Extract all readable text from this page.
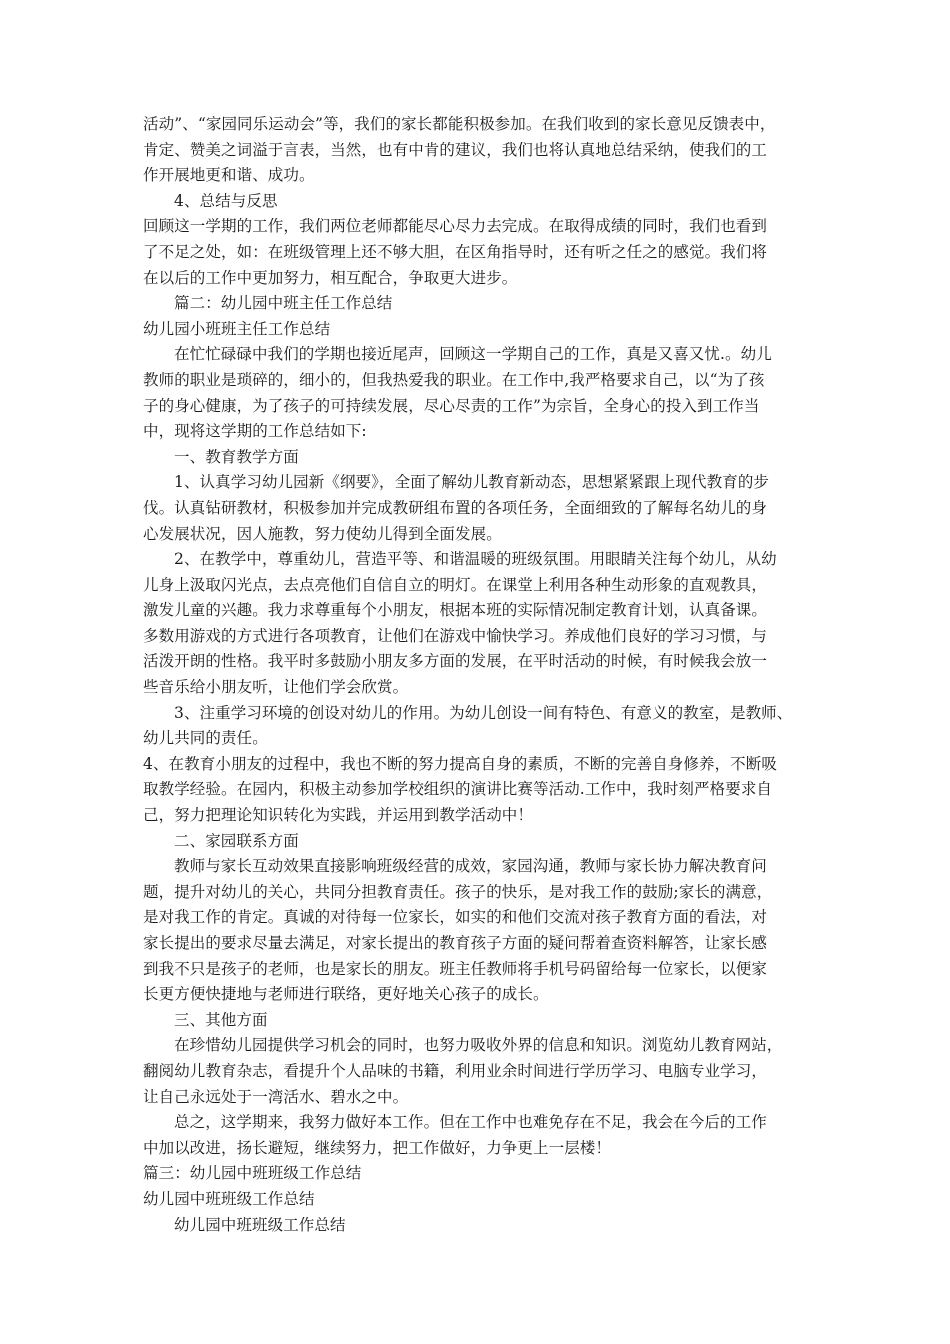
活动”、“家园同乐运动会”等，我们的家长都能积极参加。在我们收到的家长意见反馈表中，
肯定、赞美之词溢于言表，当然，也有中肯的建议，我们也将认真地总结采纳，使我们的工
作开展地更和谐、成功。
4、总结与反思
回顾这一学期的工作，我们两位老师都能尽心尽力去完成。在取得成绩的同时，我们也看到
了不足之处，如：在班级管理上还不够大胆，在区角指导时，还有听之任之的感觉。我们将
在以后的工作中更加努力，相互配合，争取更大进步。
篇二：幼儿园中班主任工作总结
幼儿园小班班主任工作总结
在忙忙碌碌中我们的学期也接近尾声，回顾这一学期自己的工作，真是又喜又忧.。幼儿
教师的职业是琐碎的，细小的，但我热爱我的职业。在工作中,我严格要求自己，以“为了孩
子的身心健康，为了孩子的可持续发展，尽心尽责的工作”为宗旨，全身心的投入到工作当
中，现将这学期的工作总结如下:
一、教育教学方面
1、认真学习幼儿园新《纲要》，全面了解幼儿教育新动态，思想紧紧跟上现代教育的步
伐。认真钻研教材，积极参加并完成教研组布置的各项任务，全面细致的了解每名幼儿的身
心发展状况，因人施教，努力使幼儿得到全面发展。
2、在教学中，尊重幼儿，营造平等、和谐温暖的班级氛围。用眼睛关注每个幼儿，从幼
儿身上汲取闪光点，去点亮他们自信自立的明灯。在课堂上利用各种生动形象的直观教具，
激发儿童的兴趣。我力求尊重每个小朋友，根据本班的实际情况制定教育计划，认真备课。
多数用游戏的方式进行各项教育，让他们在游戏中愉快学习。养成他们良好的学习习惯，与
活泼开朗的性格。我平时多鼓励小朋友多方面的发展，在平时活动的时候，有时候我会放一
些音乐给小朋友听，让他们学会欣赏。
3、注重学习环境的创设对幼儿的作用。为幼儿创设一间有特色、有意义的教室，是教师、
幼儿共同的责任。
4、在教育小朋友的过程中，我也不断的努力提高自身的素质，不断的完善自身修养，不断吸
取教学经验。在园内，积极主动参加学校组织的演讲比赛等活动.工作中，我时刻严格要求自
己，努力把理论知识转化为实践，并运用到教学活动中！
二、家园联系方面
教师与家长互动效果直接影响班级经营的成效，家园沟通，教师与家长协力解决教育问
题，提升对幼儿的关心，共同分担教育责任。孩子的快乐，是对我工作的鼓励;家长的满意，
是对我工作的肯定。真诚的对待每一位家长，如实的和他们交流对孩子教育方面的看法，对
家长提出的要求尽量去满足，对家长提出的教育孩子方面的疑问帮着查资料解答，让家长感
到我不只是孩子的老师，也是家长的朋友。班主任教师将手机号码留给每一位家长，以便家
长更方便快捷地与老师进行联络，更好地关心孩子的成长。
三、其他方面
在珍惜幼儿园提供学习机会的同时，也努力吸收外界的信息和知识。浏览幼儿教育网站，
翻阅幼儿教育杂志，看提升个人品味的书籍，利用业余时间进行学历学习、电脑专业学习，
让自己永远处于一湾活水、碧水之中。
总之，这学期来，我努力做好本工作。但在工作中也难免存在不足，我会在今后的工作
中加以改进，扬长避短，继续努力，把工作做好，力争更上一层楼！
篇三：幼儿园中班班级工作总结
幼儿园中班班级工作总结
幼儿园中班班级工作总结
